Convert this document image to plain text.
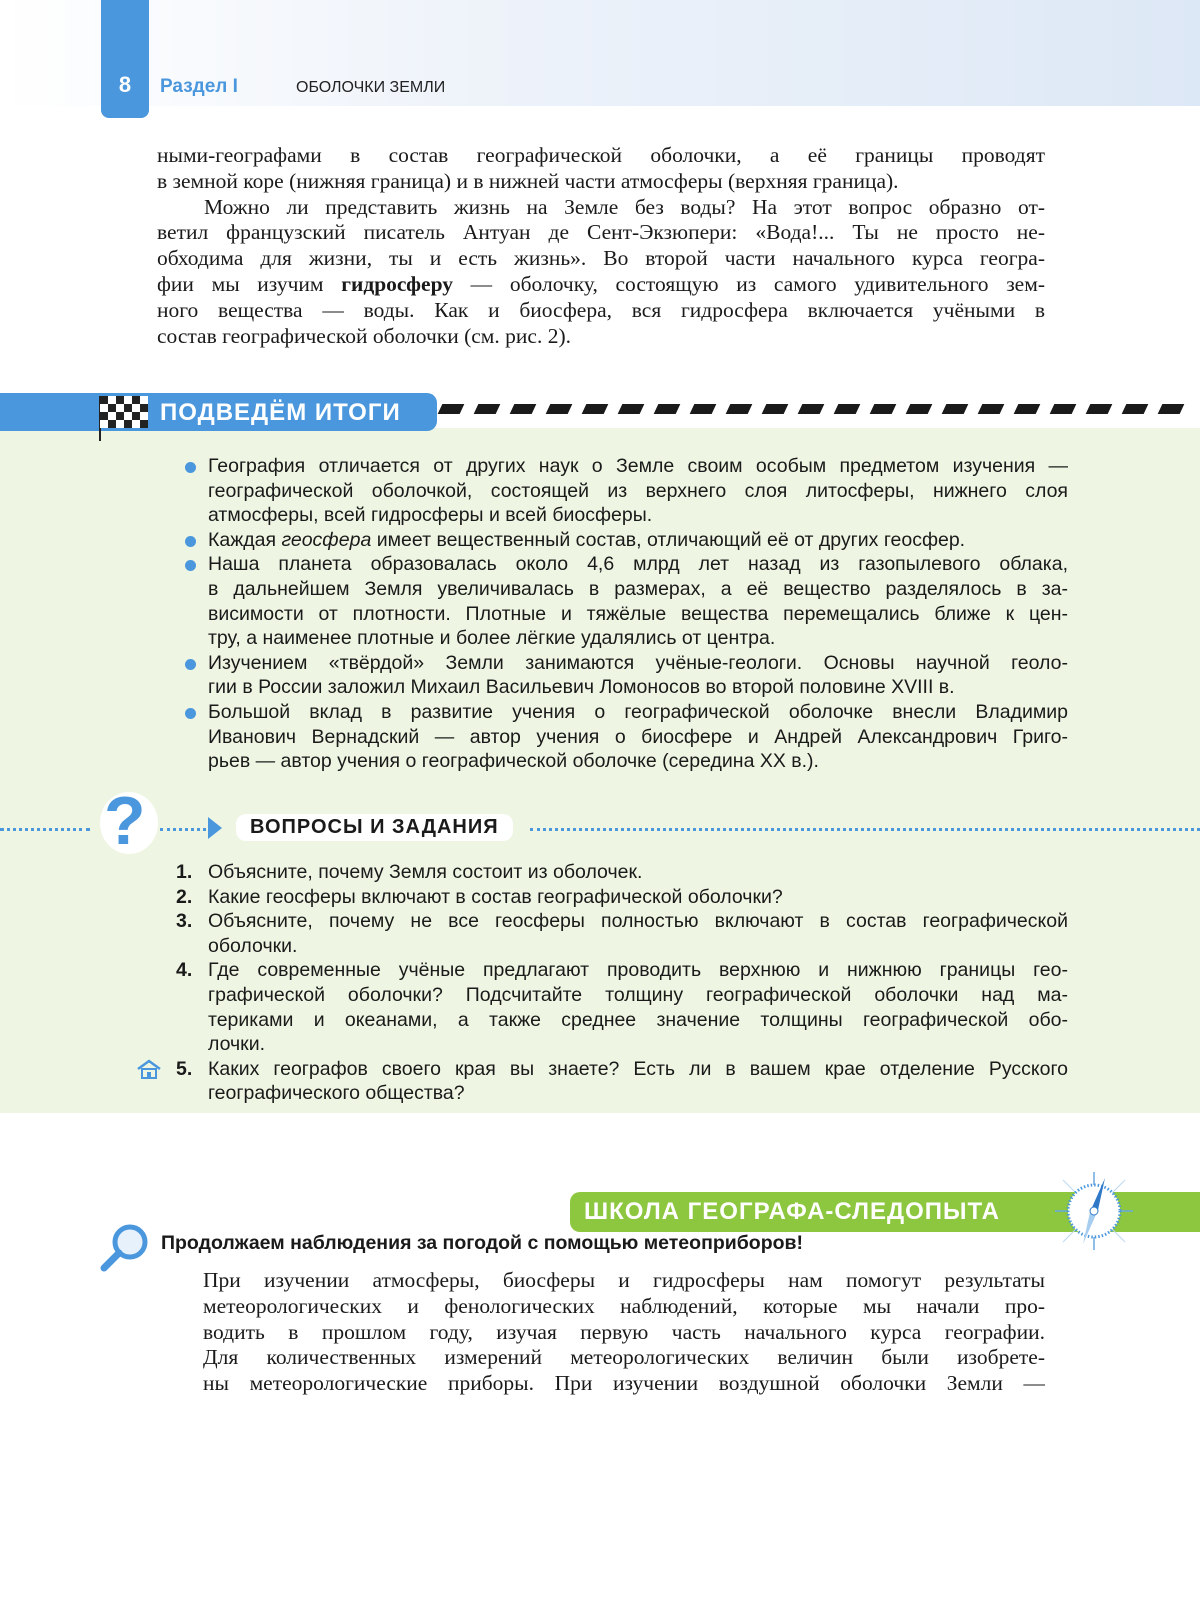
8	Раздел I	ОБОЛОЧКИ ЗЕМЛИ
ными-географами в состав географической оболочки, а её границы проводят
в земной коре (нижняя граница) и в нижней части атмосферы (верхняя граница).
Можно ли представить жизнь на Земле без воды? На этот вопрос образно от-
ветил французский писатель Антуан де Сент-Экзюпери: «Вода!... Ты не просто не-
обходима для жизни, ты и есть жизнь». Во второй части начального курса геогра-
фии мы изучим гидросферу — оболочку, состоящую из самого удивительного зем-
ного вещества — воды. Как и биосфера, вся гидросфера включается учёными в
состав географической оболочки (см. рис. 2).
ПОДВЕДЁМ ИТОГИ
География отличается от других наук о Земле своим особым предметом изучения —
географической оболочкой, состоящей из верхнего слоя литосферы, нижнего слоя
атмосферы, всей гидросферы и всей биосферы.
Каждая геосфера имеет вещественный состав, отличающий её от других геосфер.
Наша планета образовалась около 4,6 млрд лет назад из газопылевого облака,
в дальнейшем Земля увеличивалась в размерах, а её вещество разделялось в за-
висимости от плотности. Плотные и тяжёлые вещества перемещались ближе к цен-
тру, а наименее плотные и более лёгкие удалялись от центра.
Изучением «твёрдой» Земли занимаются учёные-геологи. Основы научной геоло-
гии в России заложил Михаил Васильевич Ломоносов во второй половине XVIII в.
Большой вклад в развитие учения о географической оболочке внесли Владимир
Иванович Вернадский — автор учения о биосфере и Андрей Александрович Григо-
рьев — автор учения о географической оболочке (середина XX в.).
?	ВОПРОСЫ И ЗАДАНИЯ
1. Объясните, почему Земля состоит из оболочек.
2. Какие геосферы включают в состав географической оболочки?
3. Объясните, почему не все геосферы полностью включают в состав географической
оболочки.
4. Где современные учёные предлагают проводить верхнюю и нижнюю границы гео-
графической оболочки? Подсчитайте толщину географической оболочки над ма-
териками и океанами, а также среднее значение толщины географической обо-
лочки.
5. Каких географов своего края вы знаете? Есть ли в вашем крае отделение Русского
географического общества?
ШКОЛА ГЕОГРАФА-СЛЕДОПЫТА
Продолжаем наблюдения за погодой с помощью метеоприборов!
При изучении атмосферы, биосферы и гидросферы нам помогут результаты
метеорологических и фенологических наблюдений, которые мы начали про-
водить в прошлом году, изучая первую часть начального курса географии.
Для количественных измерений метеорологических величин были изобрете-
ны метеорологические приборы. При изучении воздушной оболочки Земли —
